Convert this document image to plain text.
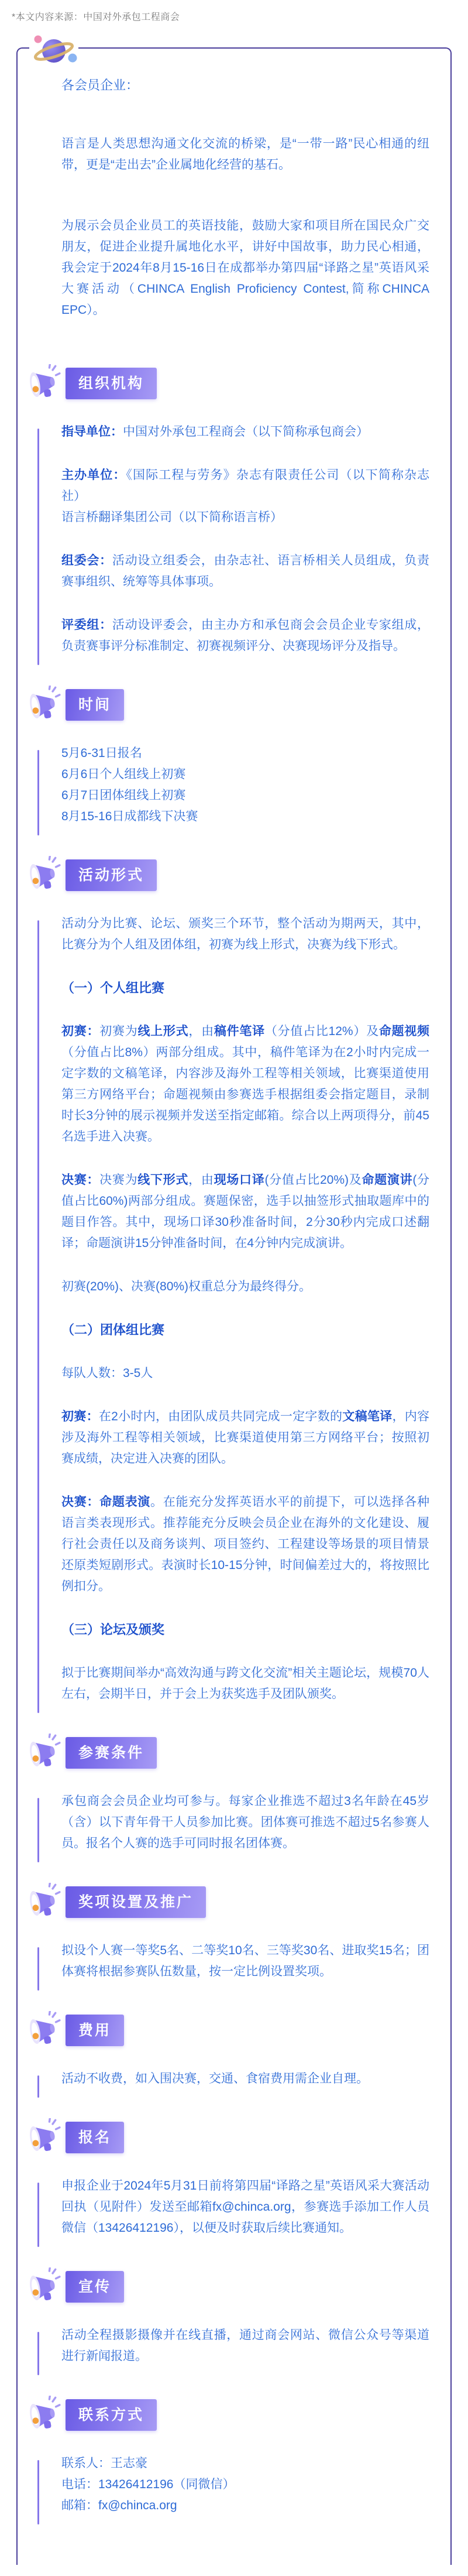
*本文内容来源：中国对外承包工程商会
各会员企业：

语言是人类思想沟通文化交流的桥梁，是“一带一路”民心相通的纽带，更是“走出去”企业属地化经营的基石。

为展示会员企业员工的英语技能，鼓励大家和项目所在国民众广交朋友，促进企业提升属地化水平，讲好中国故事，助力民心相通，我会定于2024年8月15-16日在成都举办第四届“译路之星”英语风采大赛活动（CHINCA English Proficiency Contest,简称CHINCA EPC）。

组织机构

指导单位：中国对外承包工程商会（以下简称承包商会）

主办单位：《国际工程与劳务》杂志有限责任公司（以下简称杂志社）
语言桥翻译集团公司（以下简称语言桥）

组委会：活动设立组委会，由杂志社、语言桥相关人员组成，负责赛事组织、统筹等具体事项。

评委组：活动设评委会，由主办方和承包商会会员企业专家组成，负责赛事评分标准制定、初赛视频评分、决赛现场评分及指导。

时间

5月6-31日报名
6月6日个人组线上初赛
6月7日团体组线上初赛
8月15-16日成都线下决赛

活动形式

活动分为比赛、论坛、颁奖三个环节，整个活动为期两天，其中，比赛分为个人组及团体组，初赛为线上形式，决赛为线下形式。

（一）个人组比赛

初赛：初赛为线上形式，由稿件笔译（分值占比12%）及命题视频（分值占比8%）两部分组成。其中，稿件笔译为在2小时内完成一定字数的文稿笔译，内容涉及海外工程等相关领域，比赛渠道使用第三方网络平台；命题视频由参赛选手根据组委会指定题目，录制时长3分钟的展示视频并发送至指定邮箱。综合以上两项得分，前45名选手进入决赛。

决赛：决赛为线下形式，由现场口译(分值占比20%)及命题演讲(分值占比60%)两部分组成。赛题保密，选手以抽签形式抽取题库中的题目作答。其中，现场口译30秒准备时间，2分30秒内完成口述翻译；命题演讲15分钟准备时间，在4分钟内完成演讲。

初赛(20%)、决赛(80%)权重总分为最终得分。

（二）团体组比赛

每队人数：3-5人

初赛：在2小时内，由团队成员共同完成一定字数的文稿笔译，内容涉及海外工程等相关领域，比赛渠道使用第三方网络平台；按照初赛成绩，决定进入决赛的团队。

决赛：命题表演。在能充分发挥英语水平的前提下，可以选择各种语言类表现形式。推荐能充分反映会员企业在海外的文化建设、履行社会责任以及商务谈判、项目签约、工程建设等场景的项目情景还原类短剧形式。表演时长10-15分钟，时间偏差过大的，将按照比例扣分。

（三）论坛及颁奖

拟于比赛期间举办“高效沟通与跨文化交流”相关主题论坛，规模70人左右，会期半日，并于会上为获奖选手及团队颁奖。

参赛条件

承包商会会员企业均可参与。每家企业推选不超过3名年龄在45岁（含）以下青年骨干人员参加比赛。团体赛可推选不超过5名参赛人员。报名个人赛的选手可同时报名团体赛。

奖项设置及推广

拟设个人赛一等奖5名、二等奖10名、三等奖30名、进取奖15名；团体赛将根据参赛队伍数量，按一定比例设置奖项。

费用

活动不收费，如入围决赛，交通、食宿费用需企业自理。

报名

申报企业于2024年5月31日前将第四届“译路之星”英语风采大赛活动回执（见附件）发送至邮箱fx@chinca.org，参赛选手添加工作人员微信（13426412196），以便及时获取后续比赛通知。

宣传

活动全程摄影摄像并在线直播，通过商会网站、微信公众号等渠道进行新闻报道。

联系方式

联系人：王志豪
电话：13426412196（同微信）
邮箱：fx@chinca.org
